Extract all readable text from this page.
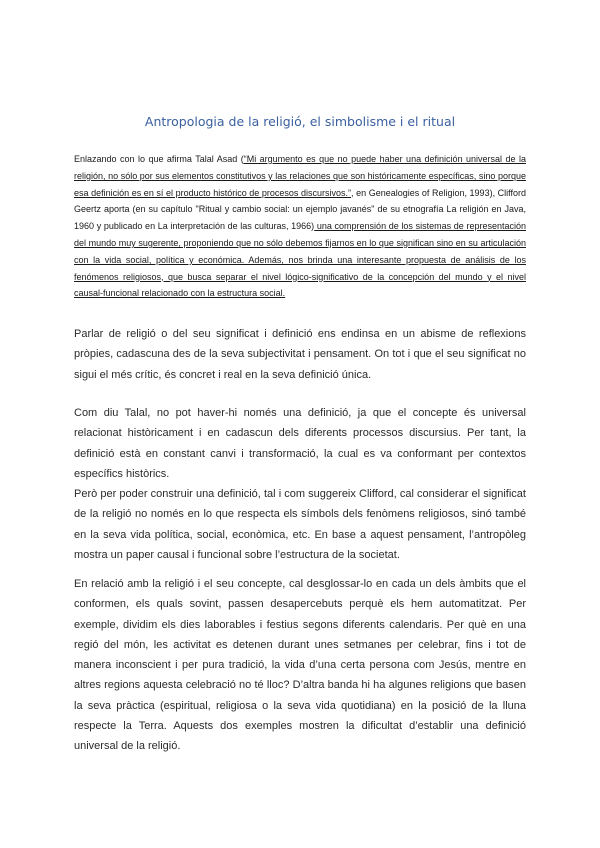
Antropologia de la religió, el simbolisme i el ritual

Enlazando con lo que afirma Talal Asad (“Mi argumento es que no puede haber una definición universal de la religión, no sólo por sus elementos constitutivos y las relaciones que son históricamente específicas, sino porque esa definición es en sí el producto histórico de procesos discursivos.”, en Genealogies of Religion, 1993), Clifford Geertz aporta (en su capítulo "Ritual y cambio social: un ejemplo javanés" de su etnografía La religión en Java, 1960 y publicado en La interpretación de las culturas, 1966) una comprensión de los sistemas de representación del mundo muy sugerente, proponiendo que no sólo debemos fijarnos en lo que significan sino en su articulación con la vida social, política y económica. Además, nos brinda una interesante propuesta de análisis de los fenómenos religiosos, que busca separar el nivel lógico-significativo de la concepción del mundo y el nivel causal-funcional relacionado con la estructura social.

Parlar de religió o del seu significat i definició ens endinsa en un abisme de reflexions pròpies, cadascuna des de la seva subjectivitat i pensament. On tot i que el seu significat no sigui el més crític, és concret i real en la seva definició única.

Com diu Talal, no pot haver-hi només una definició, ja que el concepte és universal relacionat històricament i en cadascun dels diferents processos discursius. Per tant, la definició està en constant canvi i transformació, la cual es va conformant per contextos específics històrics.
Però per poder construir una definició, tal i com suggereix Clifford, cal considerar el significat de la religió no només en lo que respecta els símbols dels fenòmens religiosos, sinó també en la seva vida política, social, econòmica, etc. En base a aquest pensament, l’antropòleg mostra un paper causal i funcional sobre l’estructura de la societat.

En relació amb la religió i el seu concepte, cal desglossar-lo en cada un dels àmbits que el conformen, els quals sovint, passen desapercebuts perquè els hem automatitzat. Per exemple, dividim els dies laborables i festius segons diferents calendaris. Per què en una regió del món, les activitat es detenen durant unes setmanes per celebrar, fins i tot de manera inconscient i per pura tradició, la vida d’una certa persona com Jesús, mentre en altres regions aquesta celebració no té lloc? D’altra banda hi ha algunes religions que basen la seva pràctica (espiritual, religiosa o la seva vida quotidiana) en la posició de la lluna respecte la Terra. Aquests dos exemples mostren la dificultat d’establir una definició universal de la religió.
